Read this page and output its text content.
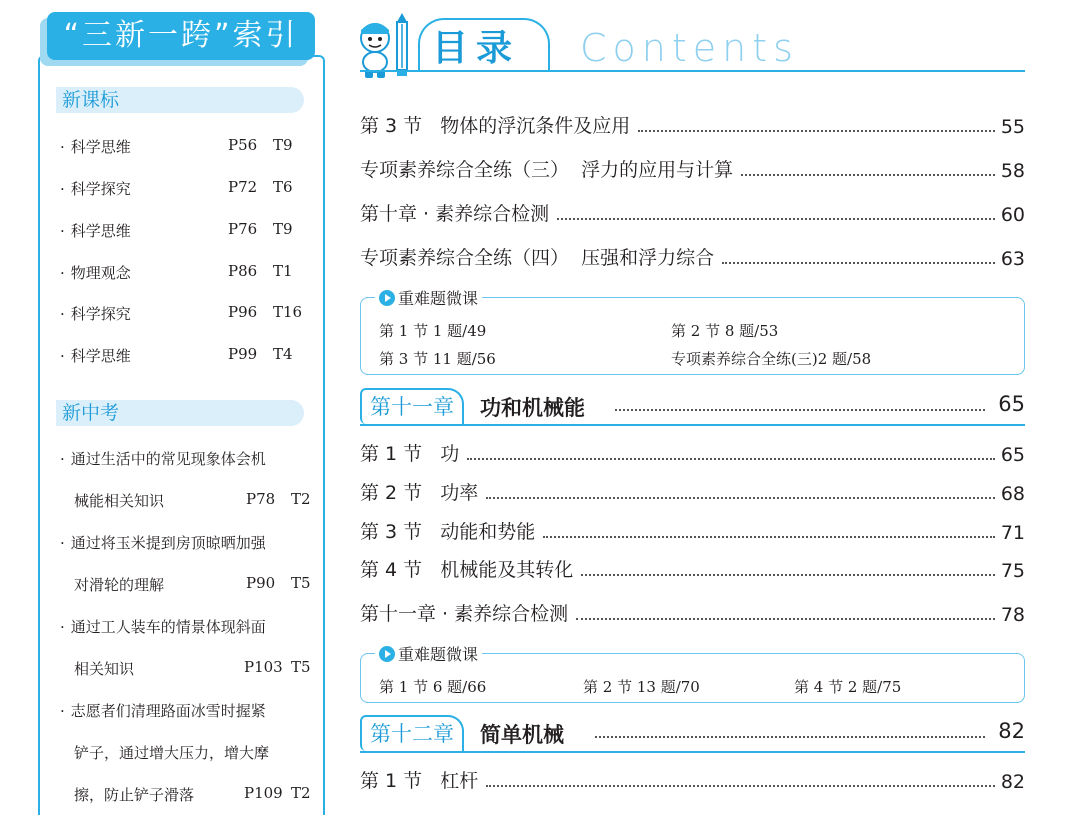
“三新一跨”索引
新课标
· 科学思维	P56 T9
· 科学探究	P72 T6
· 科学思维	P76 T9
· 物理观念	P86 T1
· 科学探究	P96 T16
· 科学思维	P99 T4
新中考
· 通过生活中的常见现象体会机
械能相关知识	P78 T2
· 通过将玉米提到房顶晾晒加强
对滑轮的理解	P90 T5
· 通过工人装车的情景体现斜面
相关知识	P103 T5
· 志愿者们清理路面冰雪时握紧
铲子，通过增大压力，增大摩
擦，防止铲子滑落	P109 T2
目录 Contents
第 3 节   物体的浮沉条件及应用	55
专项素养综合全练（三）  浮力的应用与计算	58
第十章 · 素养综合检测	60
专项素养综合全练（四）  压强和浮力综合	63
重难题微课
第 1 节 1 题/49	第 2 节 8 题/53
第 3 节 11 题/56	专项素养综合全练(三)2 题/58
第十一章	功和机械能	65
第 1 节   功	65
第 2 节   功率	68
第 3 节   动能和势能	71
第 4 节   机械能及其转化	75
第十一章 · 素养综合检测	78
重难题微课
第 1 节 6 题/66	第 2 节 13 题/70	第 4 节 2 题/75
第十二章	简单机械	82
第 1 节   杠杆	82
